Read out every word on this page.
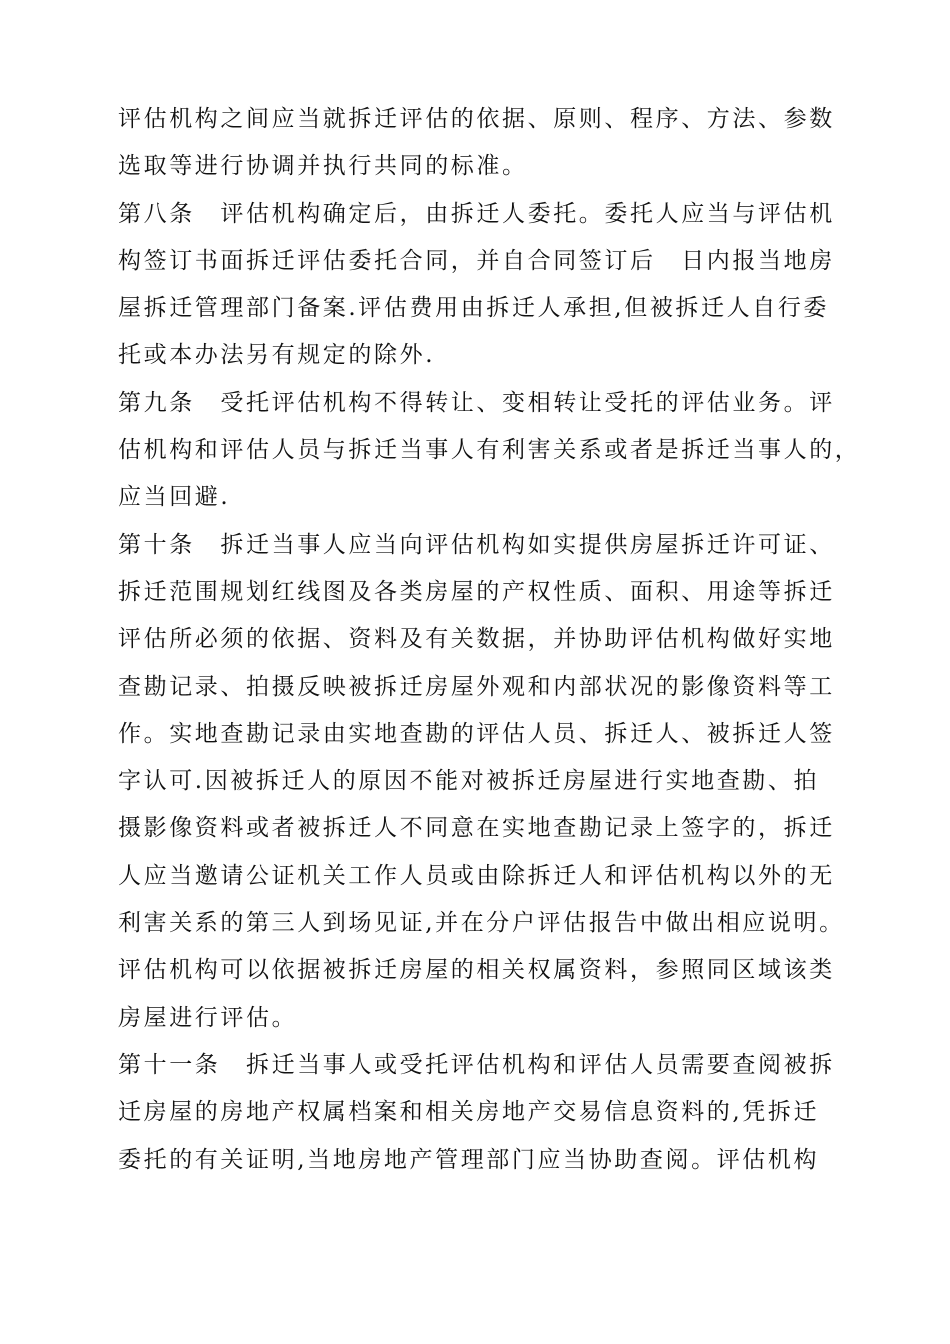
评估机构之间应当就拆迁评估的依据、原则、程序、方法、参数
选取等进行协调并执行共同的标准。
第八条　评估机构确定后，由拆迁人委托。委托人应当与评估机
构签订书面拆迁评估委托合同，并自合同签订后　日内报当地房
屋拆迁管理部门备案.评估费用由拆迁人承担,但被拆迁人自行委
托或本办法另有规定的除外.
第九条　受托评估机构不得转让、变相转让受托的评估业务。评
估机构和评估人员与拆迁当事人有利害关系或者是拆迁当事人的，
应当回避.
第十条　拆迁当事人应当向评估机构如实提供房屋拆迁许可证、
拆迁范围规划红线图及各类房屋的产权性质、面积、用途等拆迁
评估所必须的依据、资料及有关数据，并协助评估机构做好实地
查勘记录、拍摄反映被拆迁房屋外观和内部状况的影像资料等工
作。实地查勘记录由实地查勘的评估人员、拆迁人、被拆迁人签
字认可.因被拆迁人的原因不能对被拆迁房屋进行实地查勘、拍
摄影像资料或者被拆迁人不同意在实地查勘记录上签字的，拆迁
人应当邀请公证机关工作人员或由除拆迁人和评估机构以外的无
利害关系的第三人到场见证,并在分户评估报告中做出相应说明。
评估机构可以依据被拆迁房屋的相关权属资料，参照同区域该类
房屋进行评估。
第十一条　拆迁当事人或受托评估机构和评估人员需要查阅被拆
迁房屋的房地产权属档案和相关房地产交易信息资料的,凭拆迁
委托的有关证明,当地房地产管理部门应当协助查阅。评估机构
